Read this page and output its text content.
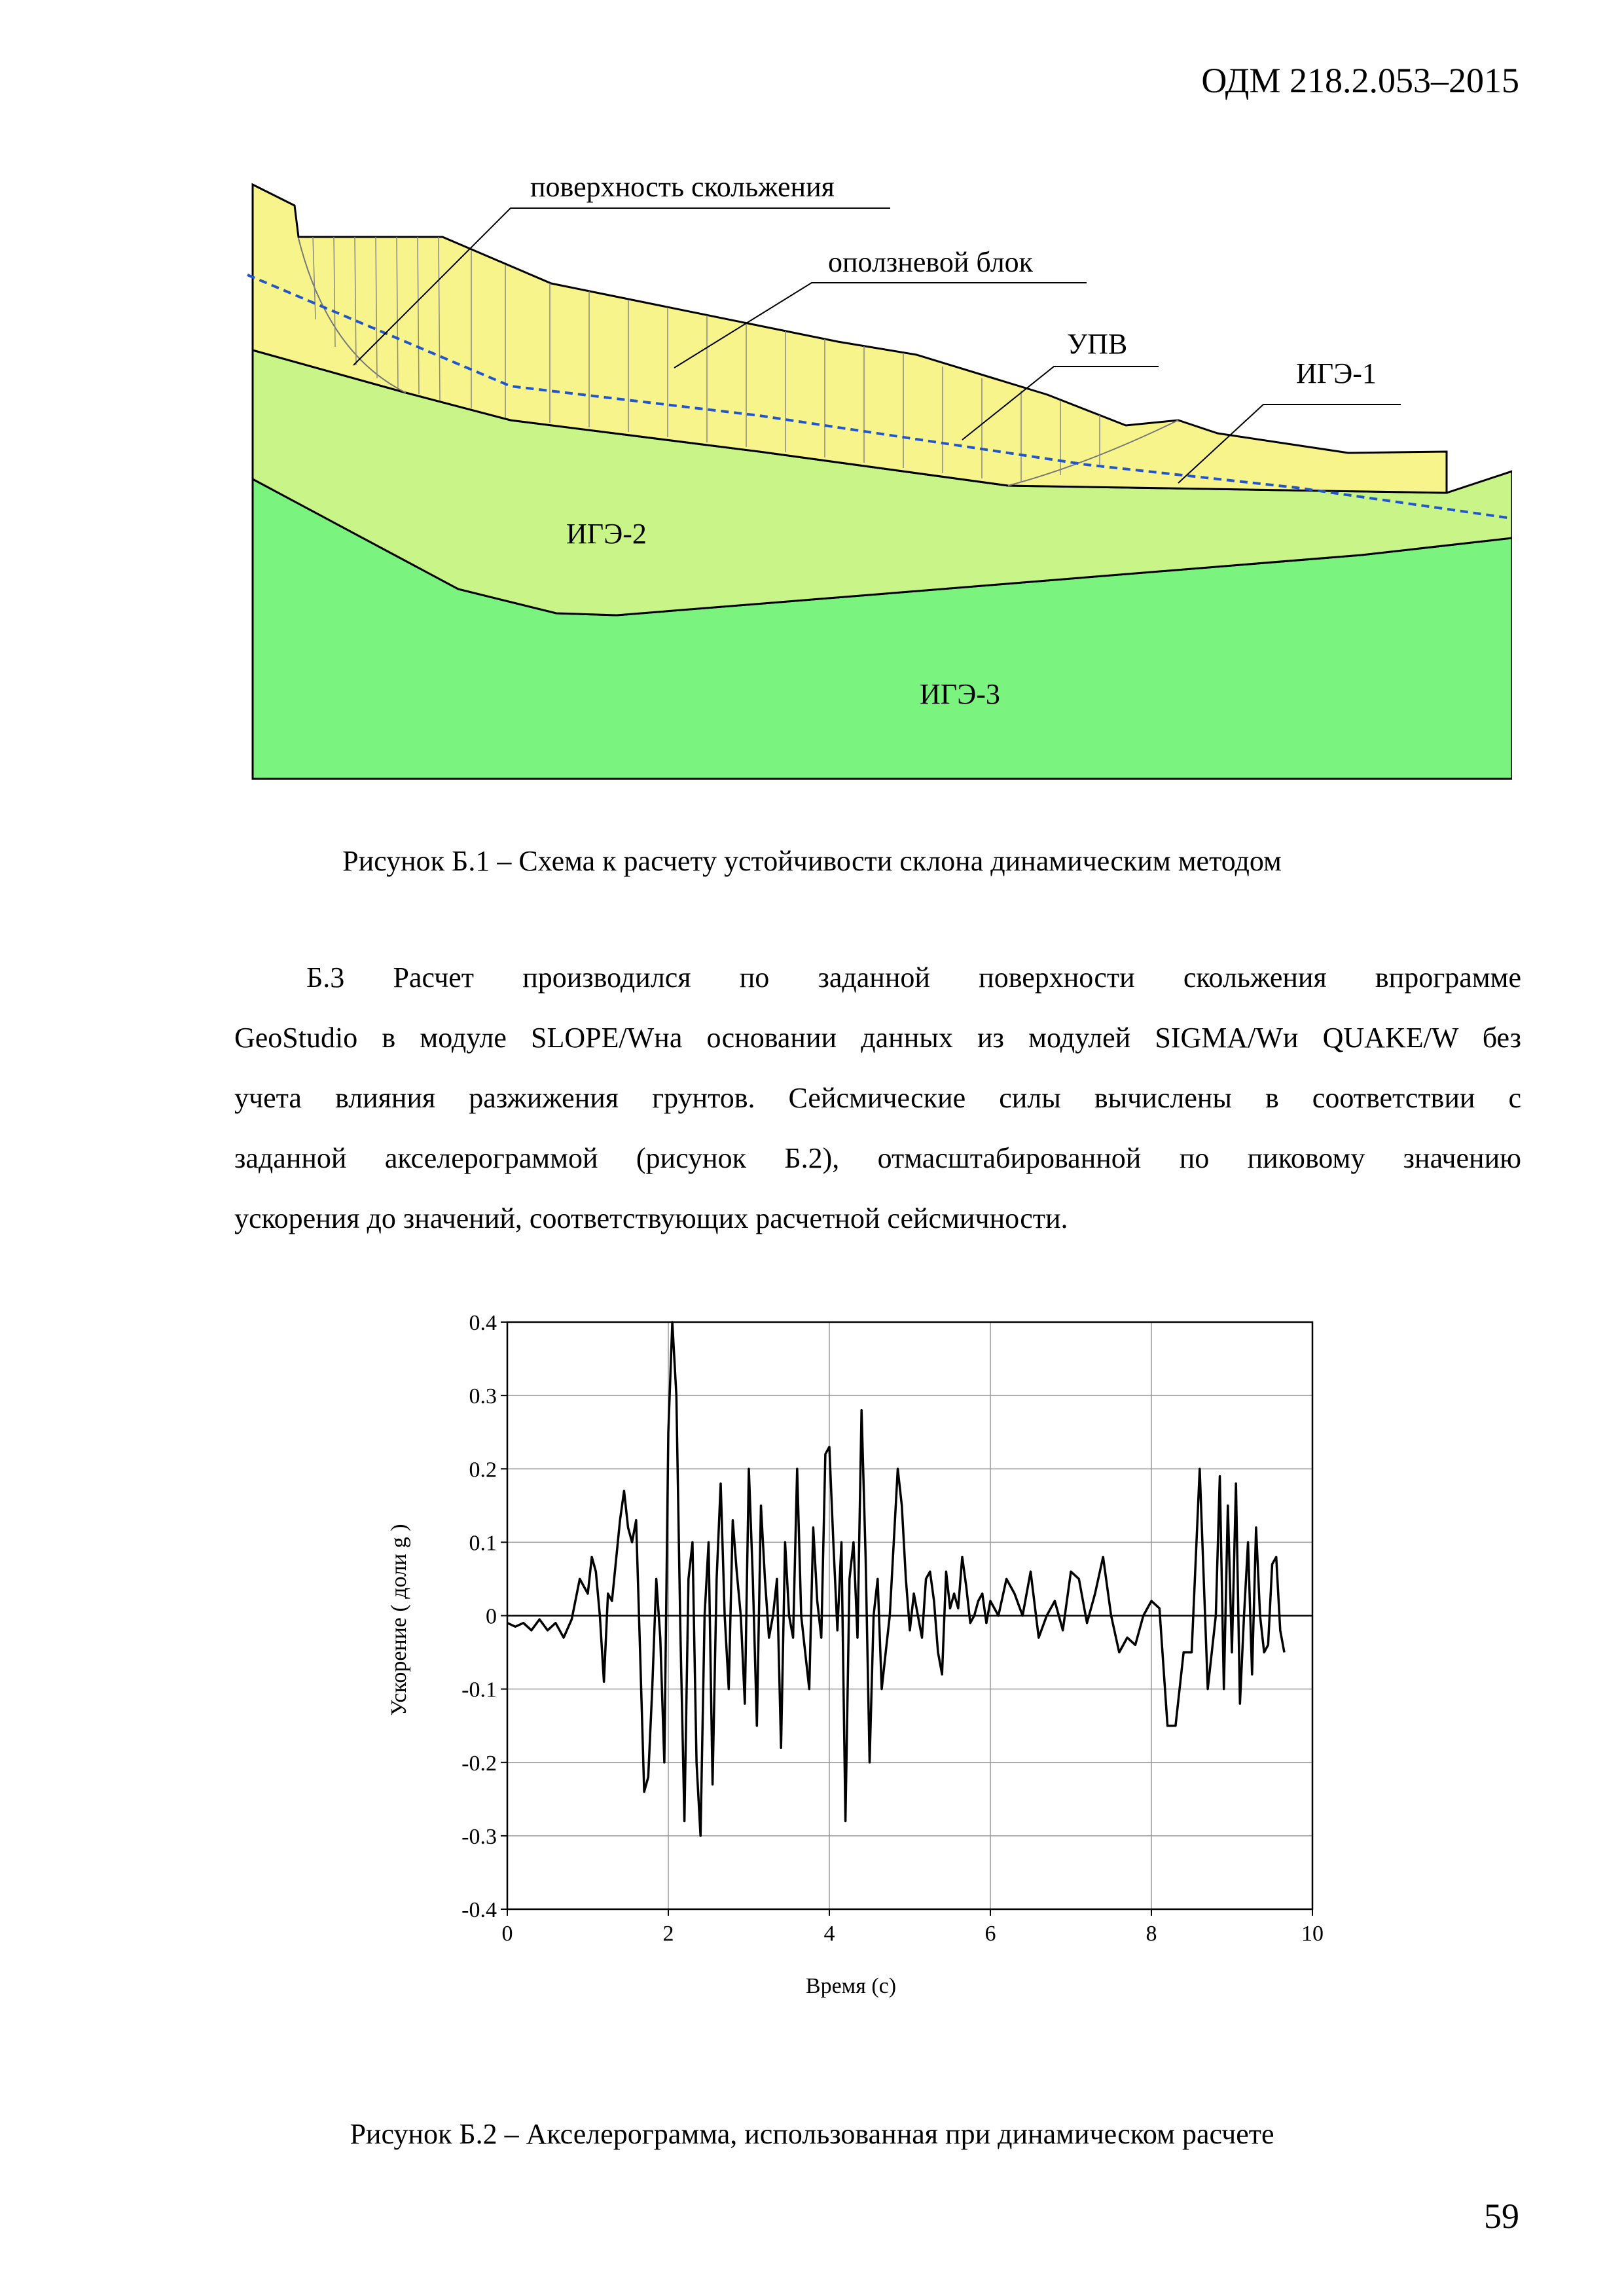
ОДМ 218.2.053–2015
поверхность скольжения
оползневой блок
УПВ
ИГЭ-1
ИГЭ-2
ИГЭ-3
Рисунок Б.1 – Схема к расчету устойчивости склона динамическим методом
Б.3 Расчет производился по заданной поверхности скольжения впрограмме
GeoStudio в модуле SLOPE/Wна основании данных из модулей SIGMA/Wи QUAKE/W без
учета влияния разжижения грунтов. Сейсмические силы вычислены в соответствии с
заданной акселерограммой (рисунок Б.2), отмасштабированной по пиковому значению
ускорения до значений, соответствующих расчетной сейсмичности.
0	2	4	6	8	10
0.4
0.3
0.2
0.1
0
-0.1
-0.2
-0.3
-0.4
Время (с)
Ускорение ( доли g )
Рисунок Б.2 – Акселерограмма, использованная при динамическом расчете
59
